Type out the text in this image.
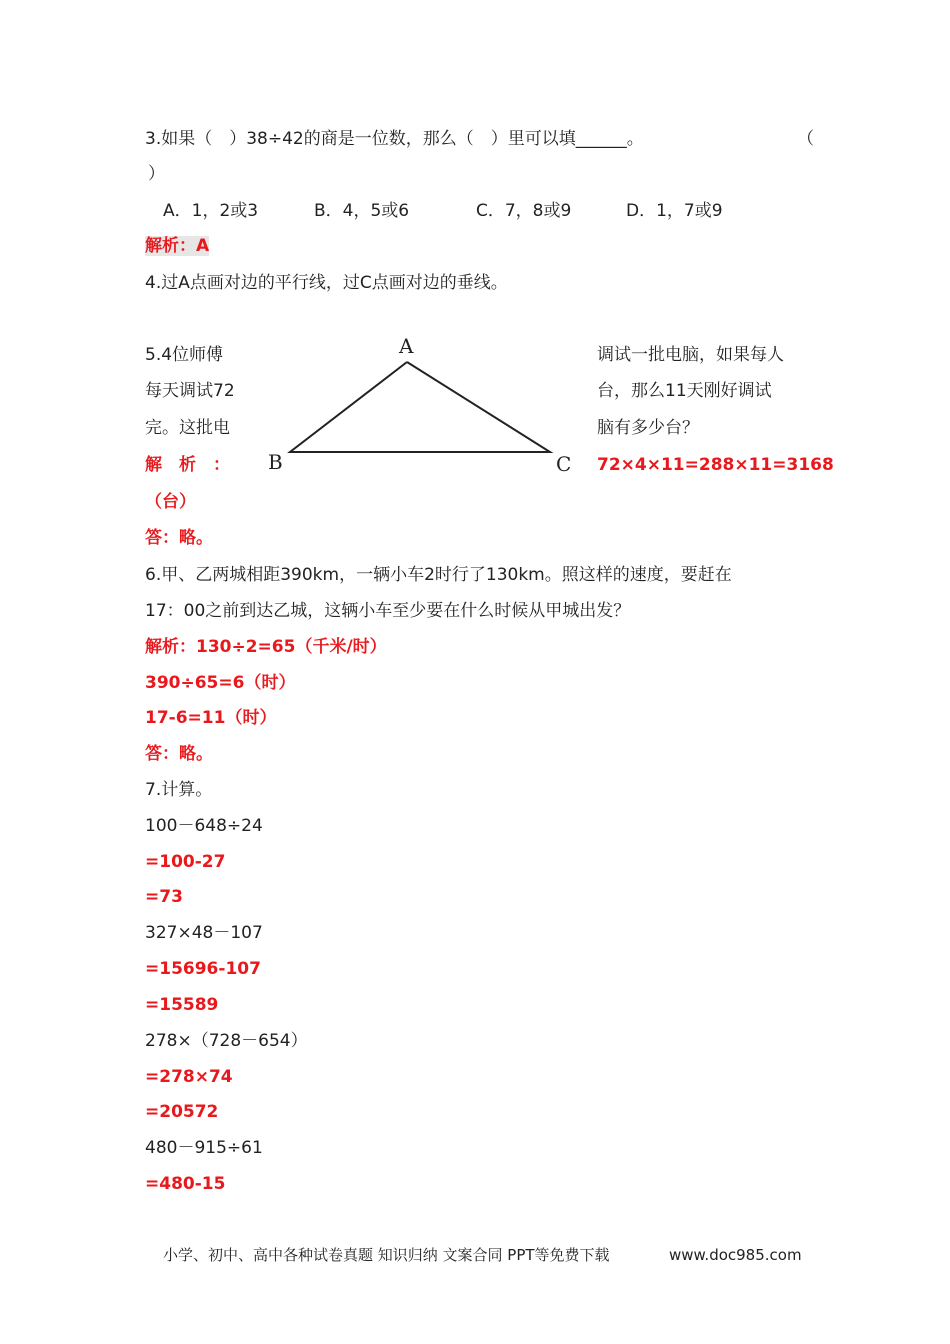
3.如果（　）38÷42的商是一位数，那么（　）里可以填______。	（
）
A．1，2或3	B．4，5或6	C．7，8或9	D．1，7或9
解析：A
4.过A点画对边的平行线，过C点画对边的垂线。
A
B	C
5.4位师傅
每天调试72
完。这批电
调试一批电脑，如果每人
台，那么11天刚好调试
脑有多少台？
解　析　：	72×4×11=288×11=3168
（台）
答：略。
6.甲、乙两城相距390km，一辆小车2时行了130km。照这样的速度，要赶在
17：00之前到达乙城，这辆小车至少要在什么时候从甲城出发？
解析：130÷2=65（千米/时）
390÷65=6（时）
17-6=11（时）
答：略。
7.计算。
100－648÷24
=100-27
=73
327×48－107
=15696-107
=15589
278×（728－654）
=278×74
=20572
480－915÷61
=480-15
小学、初中、高中各种试卷真题 知识归纳 文案合同 PPT等免费下载	www.doc985.com
